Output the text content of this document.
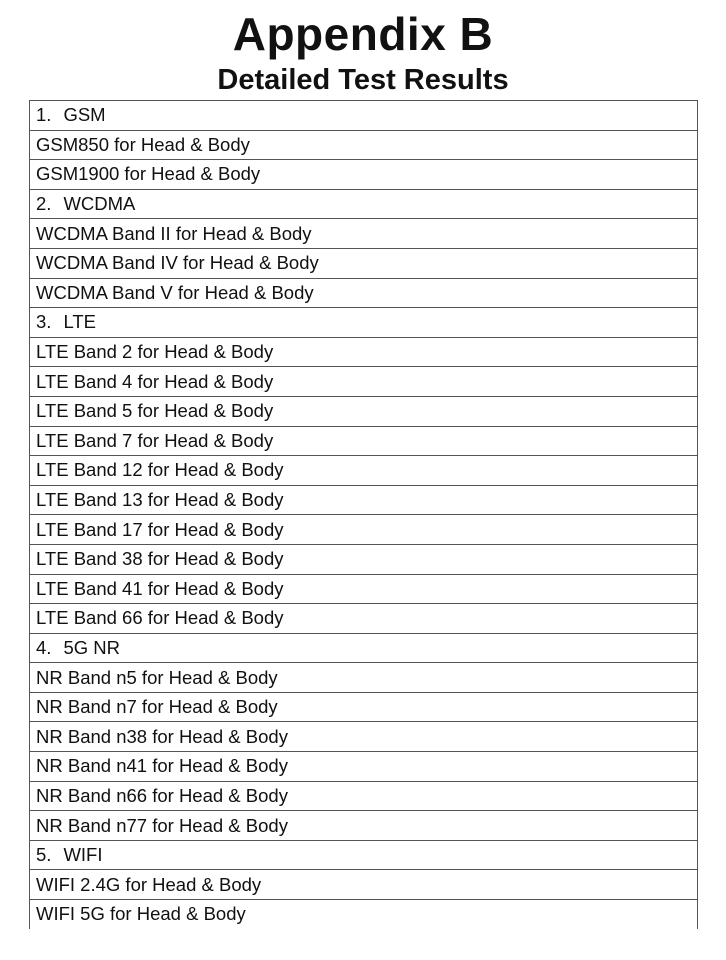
Appendix B
Detailed Test Results
1. GSM
GSM850 for Head & Body
GSM1900 for Head & Body
2. WCDMA
WCDMA Band II for Head & Body
WCDMA Band IV for Head & Body
WCDMA Band V for Head & Body
3. LTE
LTE Band 2 for Head & Body
LTE Band 4 for Head & Body
LTE Band 5 for Head & Body
LTE Band 7 for Head & Body
LTE Band 12 for Head & Body
LTE Band 13 for Head & Body
LTE Band 17 for Head & Body
LTE Band 38 for Head & Body
LTE Band 41 for Head & Body
LTE Band 66 for Head & Body
4. 5G NR
NR Band n5 for Head & Body
NR Band n7 for Head & Body
NR Band n38 for Head & Body
NR Band n41 for Head & Body
NR Band n66 for Head & Body
NR Band n77 for Head & Body
5. WIFI
WIFI 2.4G for Head & Body
WIFI 5G for Head & Body
